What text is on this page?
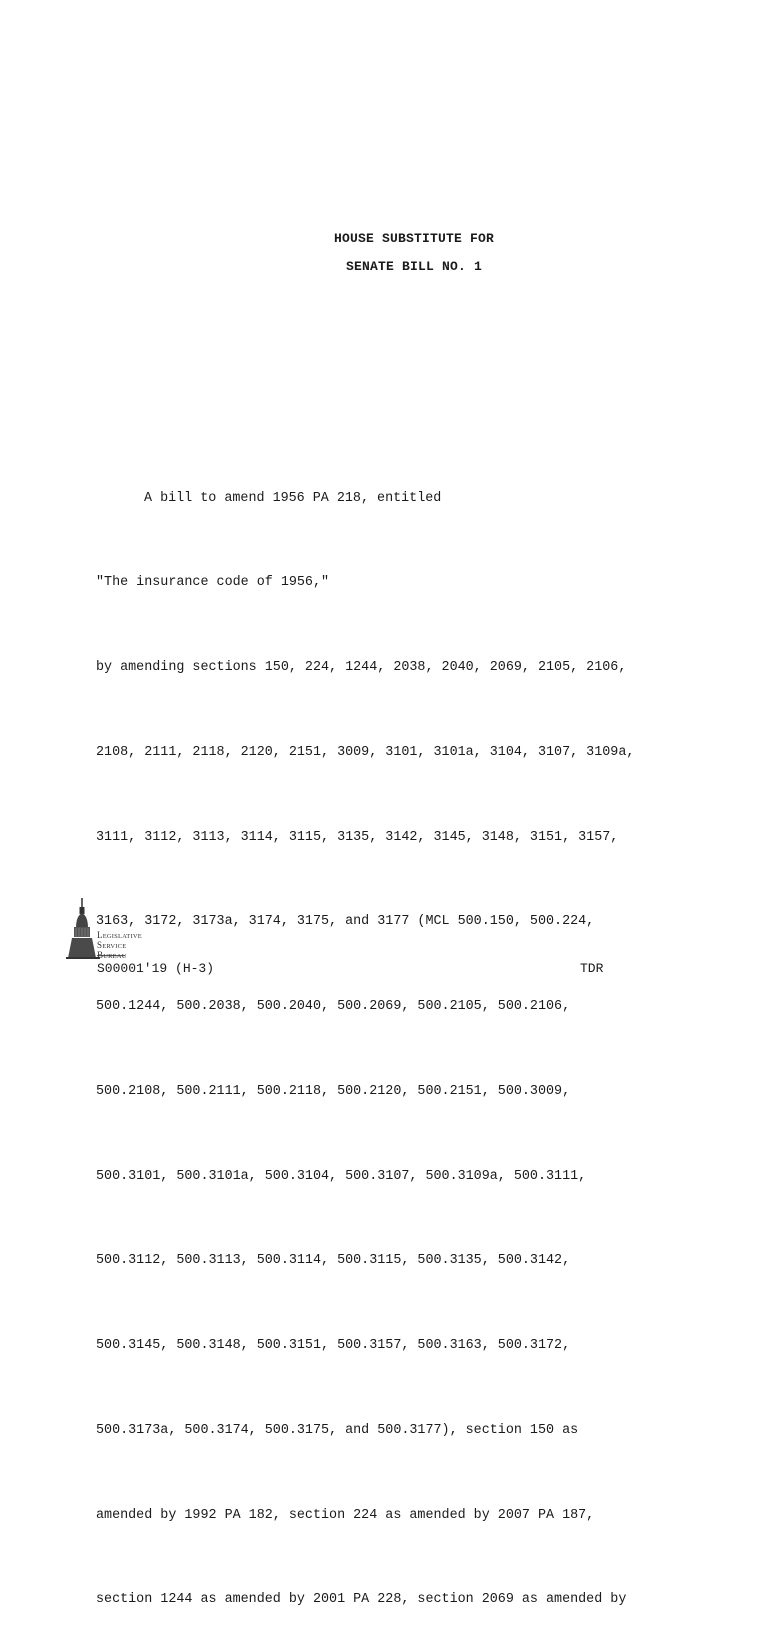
HOUSE SUBSTITUTE FOR
SENATE BILL NO. 1

A bill to amend 1956 PA 218, entitled

"The insurance code of 1956,"

by amending sections 150, 224, 1244, 2038, 2040, 2069, 2105, 2106,

2108, 2111, 2118, 2120, 2151, 3009, 3101, 3101a, 3104, 3107, 3109a,

3111, 3112, 3113, 3114, 3115, 3135, 3142, 3145, 3148, 3151, 3157,

3163, 3172, 3173a, 3174, 3175, and 3177 (MCL 500.150, 500.224,

500.1244, 500.2038, 500.2040, 500.2069, 500.2105, 500.2106,

500.2108, 500.2111, 500.2118, 500.2120, 500.2151, 500.3009,

500.3101, 500.3101a, 500.3104, 500.3107, 500.3109a, 500.3111,

500.3112, 500.3113, 500.3114, 500.3115, 500.3135, 500.3142,

500.3145, 500.3148, 500.3151, 500.3157, 500.3163, 500.3172,

500.3173a, 500.3174, 500.3175, and 500.3177), section 150 as

amended by 1992 PA 182, section 224 as amended by 2007 PA 187,

section 1244 as amended by 2001 PA 228, section 2069 as amended by

LEGISLATIVE
SERVICE
BUREAU
S00001'19 (H-3)	TDR
